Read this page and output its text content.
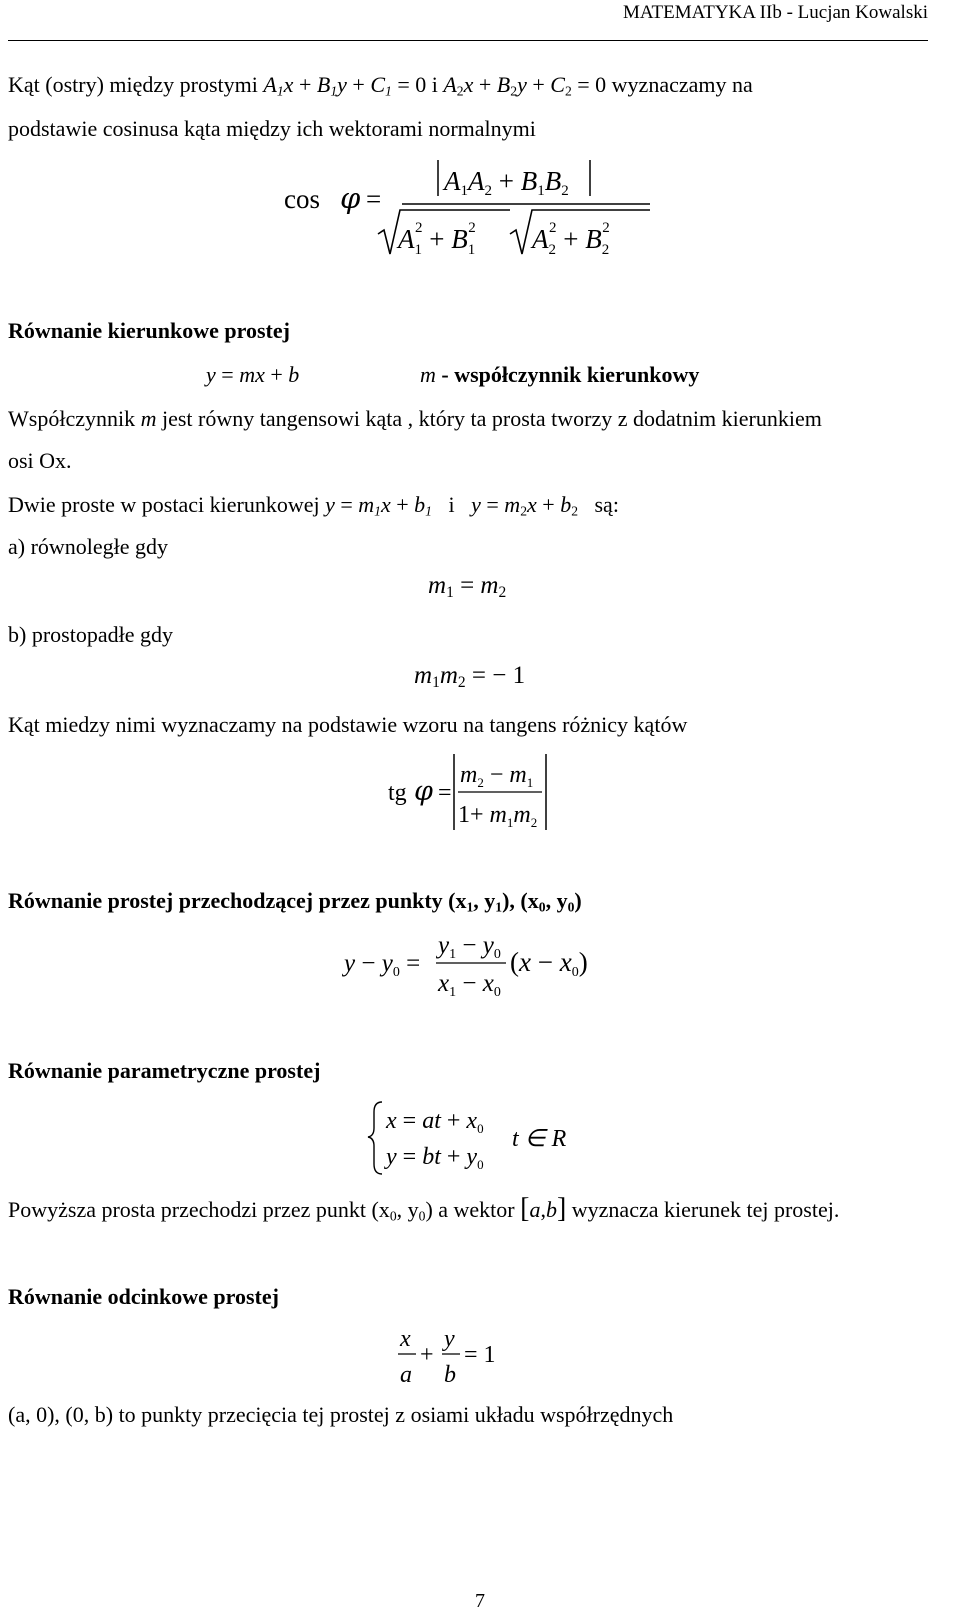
MATEMATYKA IIb - Lucjan Kowalski
Kąt (ostry) między prostymi $A_1x + B_1y + C_1 = 0$ i $A_2x + B_2y + C_2 = 0$ wyznaczamy na
podstawie cosinusa kąta między ich wektorami normalnymi
cos φ =
A1A2 + B1B2
$A_12 + B_12$ $A_22 + B_22$
Równanie kierunkowe prostej
y = mx + b	m - współczynnik kierunkowy
Współczynnik m jest równy tangensowi kąta , który ta prosta tworzy z dodatnim kierunkiem
osi Ox.
Dwie proste w postaci kierunkowej $y = m_1x + b_1$ i $y = m_2x + b_2$ są:
a) równoległe gdy
$m_1 = m_2$
b) prostopadłe gdy
$m_1m_2$ = − 1
Kąt miedzy nimi wyznaczamy na podstawie wzoru na tangens różnicy kątów
tg φ =
$m_2 - m_1$
$1+ m_1m_2$
Równanie prostej przechodzącej przez punkty ($x_1$, $y_1$), ($x_0$, $y_0$)
$y - y_0$ =
$y_1 - y_0$
$x_1 - x_0$
(x − x0)
Równanie parametryczne prostej
x = at + $x_0$
y = bt + $y_0$
t ∈ R
Powyższa prosta przechodzi przez punkt ($x_0$, $y_0$) a wektor [a,b] wyznacza kierunek tej prostej.
Równanie odcinkowe prostej
x
a
+
y
b
= 1
(a, 0), (0, b) to punkty przecięcia tej prostej z osiami układu współrzędnych
7
